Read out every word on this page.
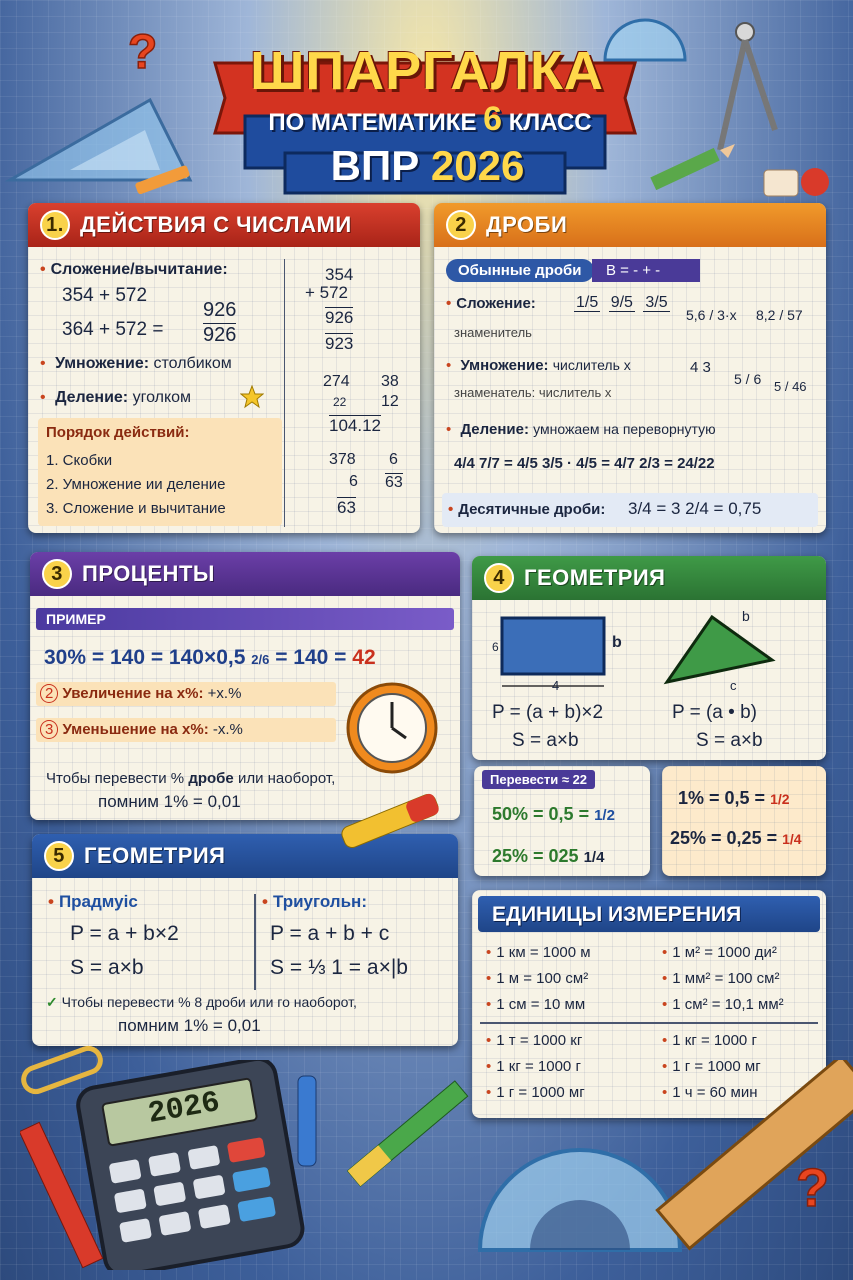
?	ШПАРГАЛКА
ПО МАТЕМАТИКЕ 6 КЛАСС
ВПР 2026
1. ДЕЙСТВИЯ С ЧИСЛАМИ
• Сложение/вычитание:
354 + 572
364 + 572 =
926
926
• Умножение: столбиком
• Деление: уголком
Порядок действий:
1. Скобки
2. Умножение ии деление
3. Сложение и вычитание
354
+ 572
926
923
274 38
22 12
104.12
378 6
6 63
63
2 ДРОБИ
Обынные дроби B = - + -
• Сложение:
знаменитель
1/5
9/5
3/5
5,6 / 3·x 8,2 / 57
• Умножение: числитель x
знаменатель: числитель x
4 3
5 / 6 5 / 46
• Деление: умножаем на перевoрнутую
4/4 7/7 = 4/5 3/5 · 4/5 = 4/7 2/3 = 24/22
• Десятичные дроби: 3/4 = 3 2/4 = 0,75
3 ПРОЦЕНТЫ
ПРИМЕР
30% = 140 = 140×0,5 2/6 = 140 = 42
2 Увеличение на x%: +x.%
3 Уменьшение на x%: -x.%
Чтобы перевести % дробе или наоборот,
помним 1% = 0,01
4 ГЕОМЕТРИЯ
4
b
6
b
c
P = (a + b)×2
S = a×b
P = (a • b)
S = a×b
Перевести ≈ 22
50% = 0,5 = 1/2
25% = 025 1/4
1% = 0,5 = 1/2
25% = 0,25 = 1/4
5 ГЕОМЕТРИЯ
• Прадмуіс
P = a + b×2
S = a×b
• Триугольн:
P = a + b + c
S = ⅓ 1 = a×|b
✓ Чтобы перевести % 8 дроби или го наоборот,
помним 1% = 0,01
ЕДИНИЦЫ ИЗМЕРЕНИЯ
• 1 км = 1000 м
• 1 м = 100 см²
• 1 см = 10 мм
• 1 м² = 1000 ди²
• 1 мм² = 100 см²
• 1 см² = 10,1 мм²
• 1 т = 1000 кг
• 1 кг = 1000 г
• 1 г = 1000 мг
• 1 кг = 1000 г
• 1 г = 1000 мг
• 1 ч = 60 мин
2026
?
